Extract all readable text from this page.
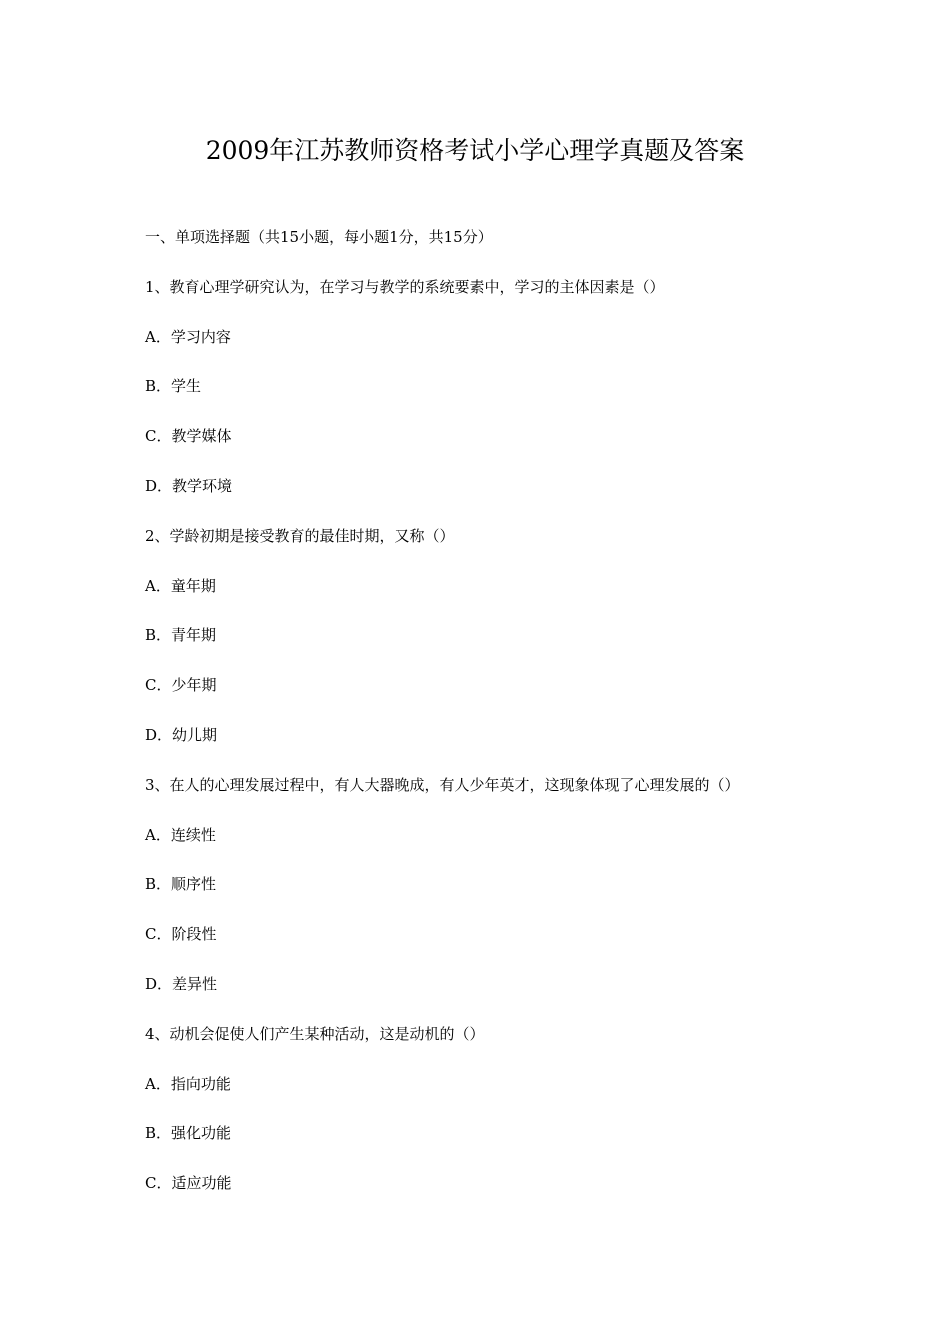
2009年江苏教师资格考试小学心理学真题及答案
一、单项选择题（共15小题，每小题1分，共15分）
1、教育心理学研究认为，在学习与教学的系统要素中，学习的主体因素是（）
A．学习内容
B．学生
C．教学媒体
D．教学环境
2、学龄初期是接受教育的最佳时期，又称（）
A．童年期
B．青年期
C．少年期
D．幼儿期
3、在人的心理发展过程中，有人大器晚成，有人少年英才，这现象体现了心理发展的（）
A．连续性
B．顺序性
C．阶段性
D．差异性
4、动机会促使人们产生某种活动，这是动机的（）
A．指向功能
B．强化功能
C．适应功能
